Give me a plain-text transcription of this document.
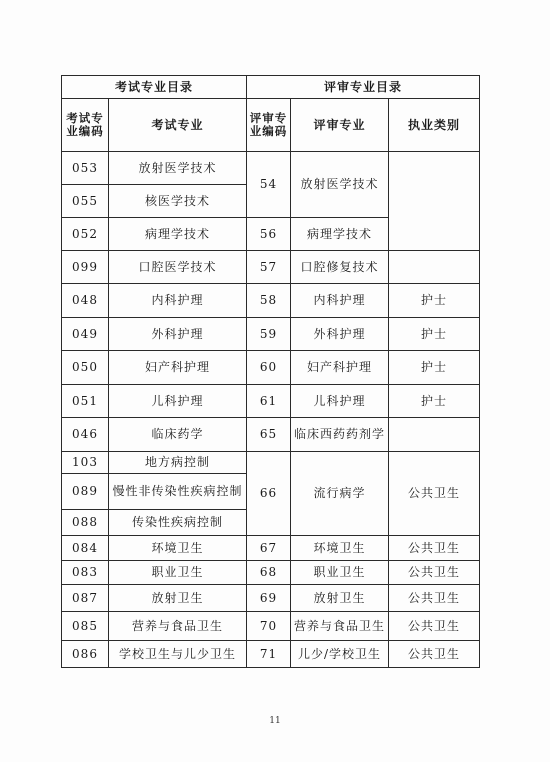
考试专业目录		评审专业目录		
考试专业编码	考试专业	评审专业编码	评审专业	执业类别
053	放射医学技术	54	放射医学技术	
055	核医学技术			
052	病理学技术	56	病理学技术	
099	口腔医学技术	57	口腔修复技术	
048	内科护理	58	内科护理	护士
049	外科护理	59	外科护理	护士
050	妇产科护理	60	妇产科护理	护士
051	儿科护理	61	儿科护理	护士
046	临床药学	65	临床西药药剂学	
103	地方病控制	66	流行病学	公共卫生
089	慢性非传染性疾病控制			
088	传染性疾病控制			
084	环境卫生	67	环境卫生	公共卫生
083	职业卫生	68	职业卫生	公共卫生
087	放射卫生	69	放射卫生	公共卫生
085	营养与食品卫生	70	营养与食品卫生	公共卫生
086	学校卫生与儿少卫生	71	儿少/学校卫生	公共卫生
11
